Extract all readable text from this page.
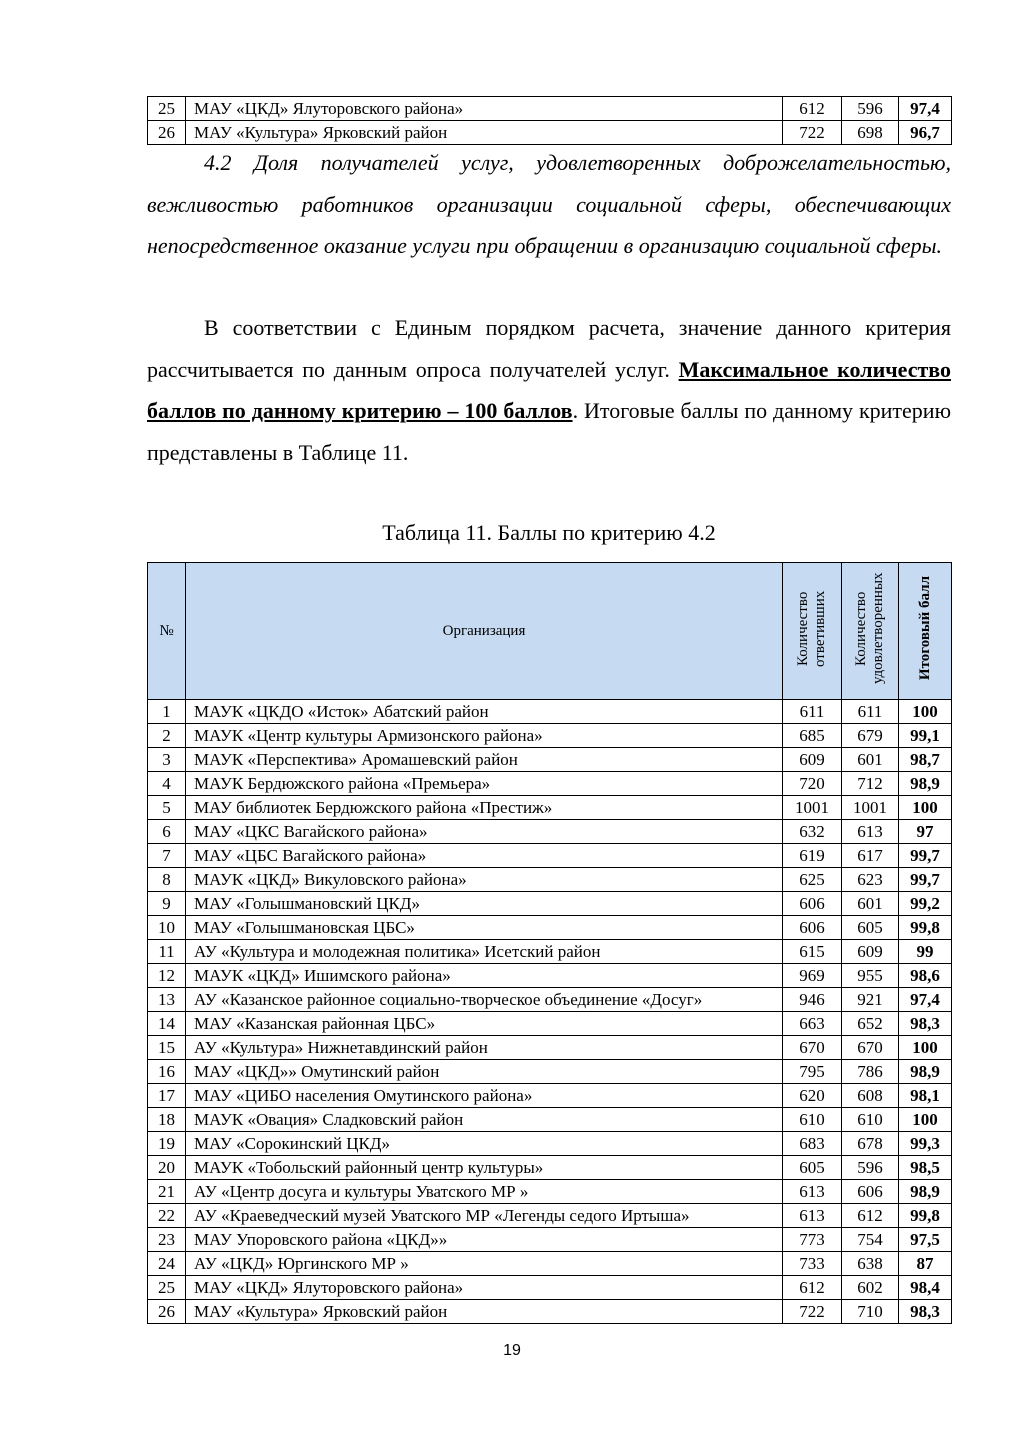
25	МАУ «ЦКД» Ялуторовского района»	612	596	97,4
26	МАУ «Культура» Ярковский район	722	698	96,7

4.2 Доля получателей услуг, удовлетворенных доброжелательностью, вежливостью работников организации социальной сферы, обеспечивающих непосредственное оказание услуги при обращении в организацию социальной сферы.

В соответствии с Единым порядком расчета, значение данного критерия рассчитывается по данным опроса получателей услуг. Максимальное количество баллов по данному критерию – 100 баллов. Итоговые баллы по данному критерию представлены в Таблице 11.

Таблица 11. Баллы по критерию 4.2

№	Организация	Количество ответивших	Количество удовлетворенных	Итоговый балл
1	МАУК «ЦКДО «Исток» Абатский район	611	611	100
2	МАУК «Центр культуры Армизонского района»	685	679	99,1
3	МАУК «Перспектива» Аромашевский район	609	601	98,7
4	МАУК Бердюжского района «Премьера»	720	712	98,9
5	МАУ библиотек Бердюжского района «Престиж»	1001	1001	100
6	МАУ «ЦКС Вагайского района»	632	613	97
7	МАУ «ЦБС Вагайского района»	619	617	99,7
8	МАУК «ЦКД» Викуловского района»	625	623	99,7
9	МАУ «Голышмановский ЦКД»	606	601	99,2
10	МАУ «Голышмановская ЦБС»	606	605	99,8
11	АУ «Культура и молодежная политика» Исетский район	615	609	99
12	МАУК «ЦКД» Ишимского района»	969	955	98,6
13	АУ «Казанское районное социально-творческое объединение «Досуг»	946	921	97,4
14	МАУ «Казанская районная ЦБС»	663	652	98,3
15	АУ «Культура» Нижнетавдинский район	670	670	100
16	МАУ «ЦКД»» Омутинский район	795	786	98,9
17	МАУ «ЦИБО населения Омутинского района»	620	608	98,1
18	МАУК «Овация» Сладковский район	610	610	100
19	МАУ «Сорокинский ЦКД»	683	678	99,3
20	МАУК «Тобольский районный центр культуры»	605	596	98,5
21	АУ «Центр досуга и культуры Уватского МР »	613	606	98,9
22	АУ «Краеведческий музей Уватского МР «Легенды седого Иртыша»	613	612	99,8
23	МАУ Упоровского района «ЦКД»»	773	754	97,5
24	АУ «ЦКД» Юргинского МР »	733	638	87
25	МАУ «ЦКД» Ялуторовского района»	612	602	98,4
26	МАУ «Культура» Ярковский район	722	710	98,3

19
